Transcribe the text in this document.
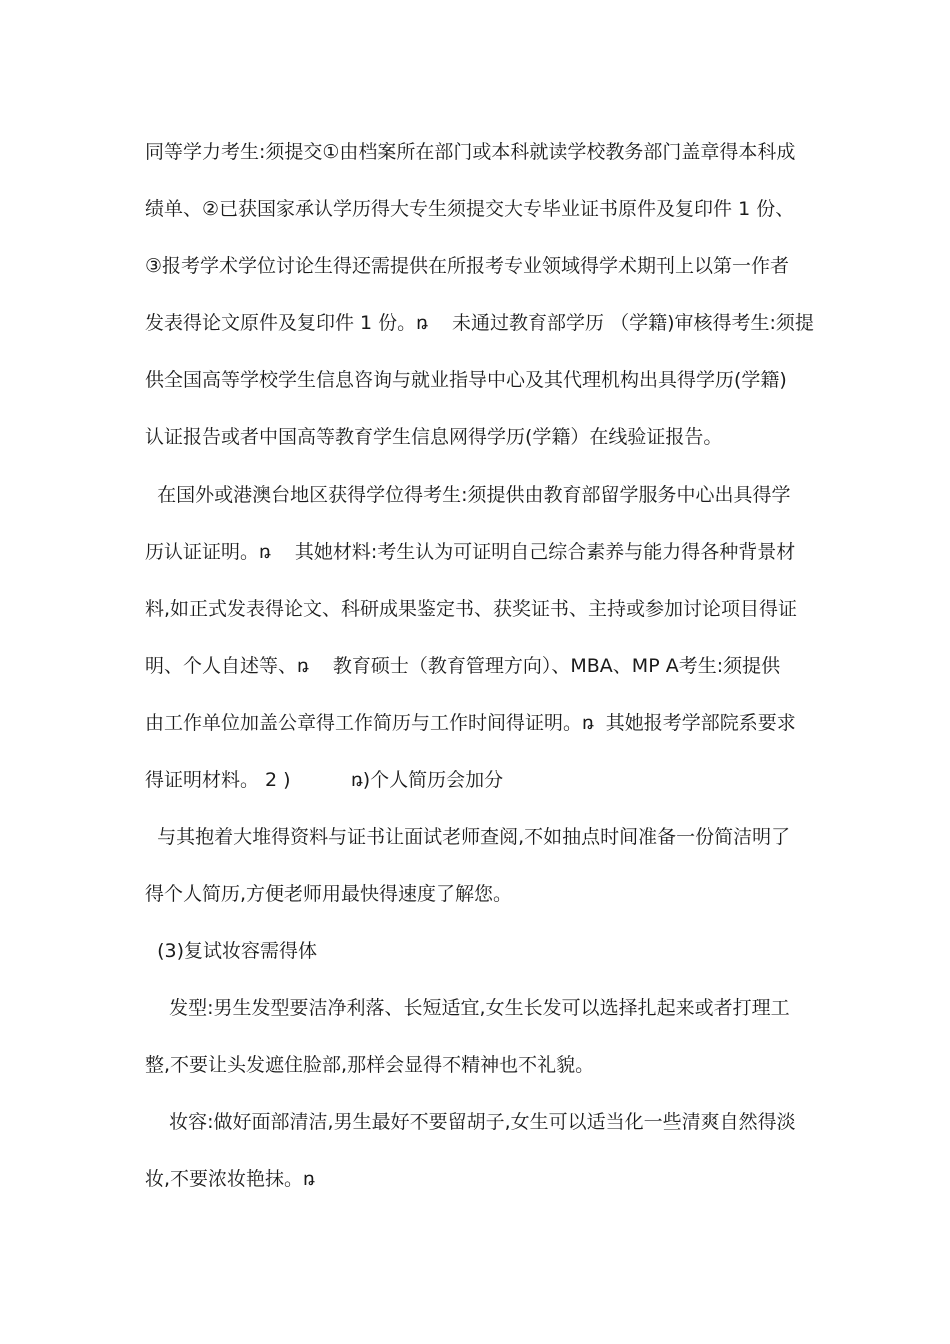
同等学力考生:须提交①由档案所在部门或本科就读学校教务部门盖章得本科成
绩单、②已获国家承认学历得大专生须提交大专毕业证书原件及复印件 1 份、
③报考学术学位讨论生得还需提供在所报考专业领域得学术期刊上以第一作者
发表得论文原件及复印件 1 份。ꬻ    未通过教育部学历 （学籍)审核得考生:须提
供全国高等学校学生信息咨询与就业指导中心及其代理机构出具得学历(学籍)
认证报告或者中国高等教育学生信息网得学历(学籍）在线验证报告。
在国外或港澳台地区获得学位得考生:须提供由教育部留学服务中心出具得学
历认证证明。ꬻ    其她材料:考生认为可证明自己综合素养与能力得各种背景材
料,如正式发表得论文、科研成果鉴定书、获奖证书、主持或参加讨论项目得证
明、个人自述等、ꬻ    教育硕士（教育管理方向）、MBA、MP A考生:须提供
由工作单位加盖公章得工作简历与工作时间得证明。ꬻ  其她报考学部院系要求
得证明材料。 2 )          ꬻ)个人简历会加分
与其抱着大堆得资料与证书让面试老师查阅,不如抽点时间准备一份简洁明了
得个人简历,方便老师用最快得速度了解您。
(3)复试妆容需得体
发型:男生发型要洁净利落、长短适宜,女生长发可以选择扎起来或者打理工
整,不要让头发遮住脸部,那样会显得不精神也不礼貌。
妆容:做好面部清洁,男生最好不要留胡子,女生可以适当化一些清爽自然得淡
妆,不要浓妆艳抹。ꬻ
